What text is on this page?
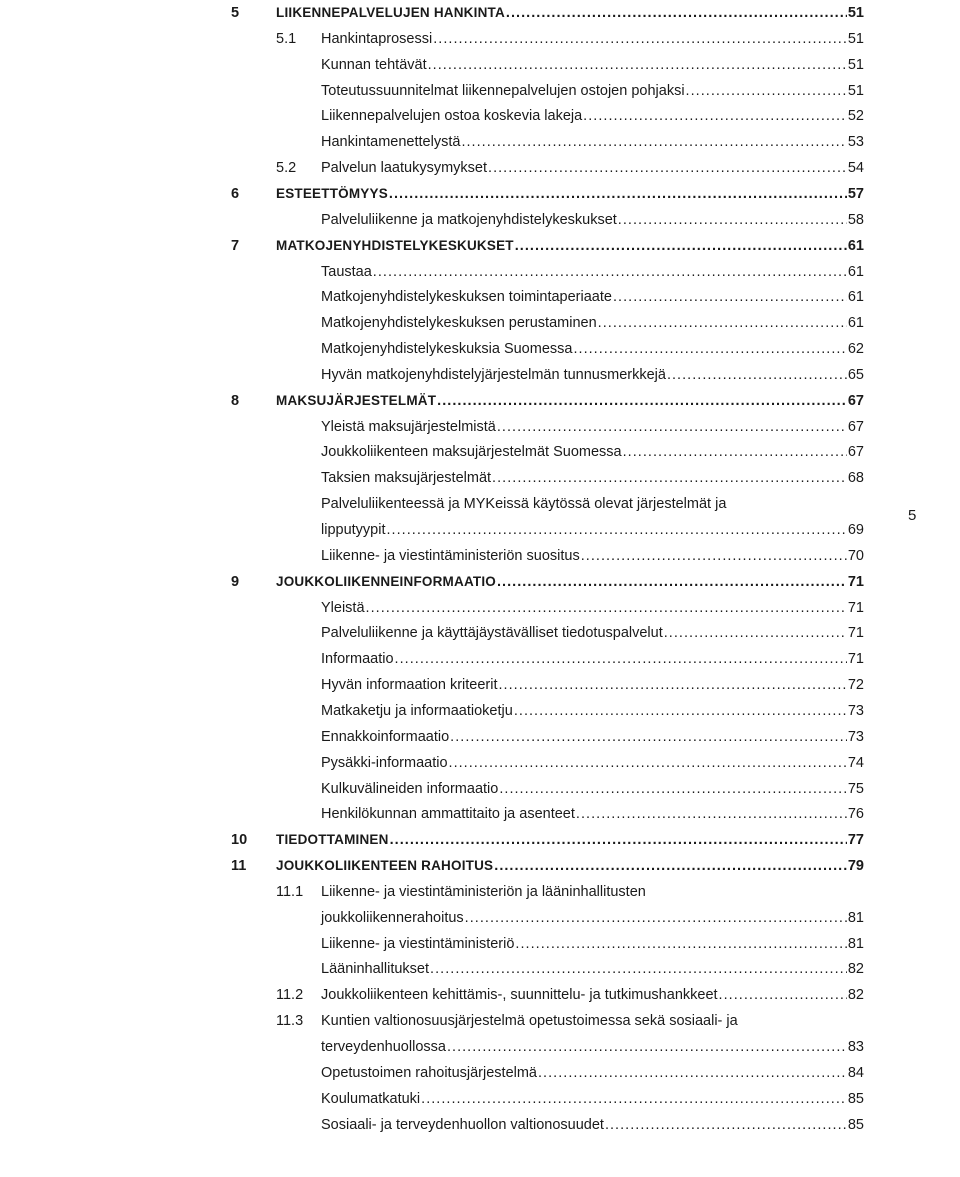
5	LIIKENNEPALVELUJEN HANKINTA . . .	51
5.1 Hankintaprosessi . . .	51
Kunnan tehtävät . . .	51
Toteutussuunnitelmat liikennepalvelujen ostojen pohjaksi . . .	51
Liikennepalvelujen ostoa koskevia lakeja . . .	52
Hankintamenettelystä . . .	53
5.2 Palvelun laatukysymykset . . .	54
6	ESTEETTÖMYYS . . .	57
Palveluliikenne ja matkojenyhdistelykeskukset . . .	58
7	MATKOJENYHDISTELYKESKUKSET . . .	61
Taustaa . . .	61
Matkojenyhdistelykeskuksen toimintaperiaate . . .	61
Matkojenyhdistelykeskuksen perustaminen . . .	61
Matkojenyhdistelykeskuksia Suomessa . . .	62
Hyvän matkojenyhdistelyjärjestelmän tunnusmerkkejä . . .	65
8	MAKSUJÄRJESTELMÄT . . .	67
Yleistä maksujärjestelmistä . . .	67
Joukkoliikenteen maksujärjestelmät Suomessa . . .	67
Taksien maksujärjestelmät . . .	68
Palveluliikenteessä ja MYKeissä käytössä olevat järjestelmät ja
lipputyypit . . .	69
Liikenne- ja viestintäministeriön suositus . . .	70
9	JOUKKOLIIKENNEINFORMAATIO . . .	71
Yleistä . . .	71
Palveluliikenne ja käyttäjäystävälliset tiedotuspalvelut . . .	71
Informaatio . . .	71
Hyvän informaation kriteerit . . .	72
Matkaketju ja informaatioketju . . .	73
Ennakkoinformaatio . . .	73
Pysäkki-informaatio . . .	74
Kulkuvälineiden informaatio . . .	75
Henkilökunnan ammattitaito ja asenteet . . .	76
10 TIEDOTTAMINEN . . .	77
11 JOUKKOLIIKENTEEN RAHOITUS . . .	79
11.1 Liikenne- ja viestintäministeriön ja lääninhallitusten
joukkoliikennerahoitus . . .	81
Liikenne- ja viestintäministeriö . . .	81
Lääninhallitukset . . .	82
11.2 Joukkoliikenteen kehittämis-, suunnittelu- ja tutkimushankkeet . . .	82
11.3 Kuntien valtionosuusjärjestelmä opetustoimessa sekä sosiaali- ja
terveydenhuollossa . . .	83
Opetustoimen rahoitusjärjestelmä . . .	84
Koulumatkatuki . . .	85
Sosiaali- ja terveydenhuollon valtionosuudet . . .	85
5
